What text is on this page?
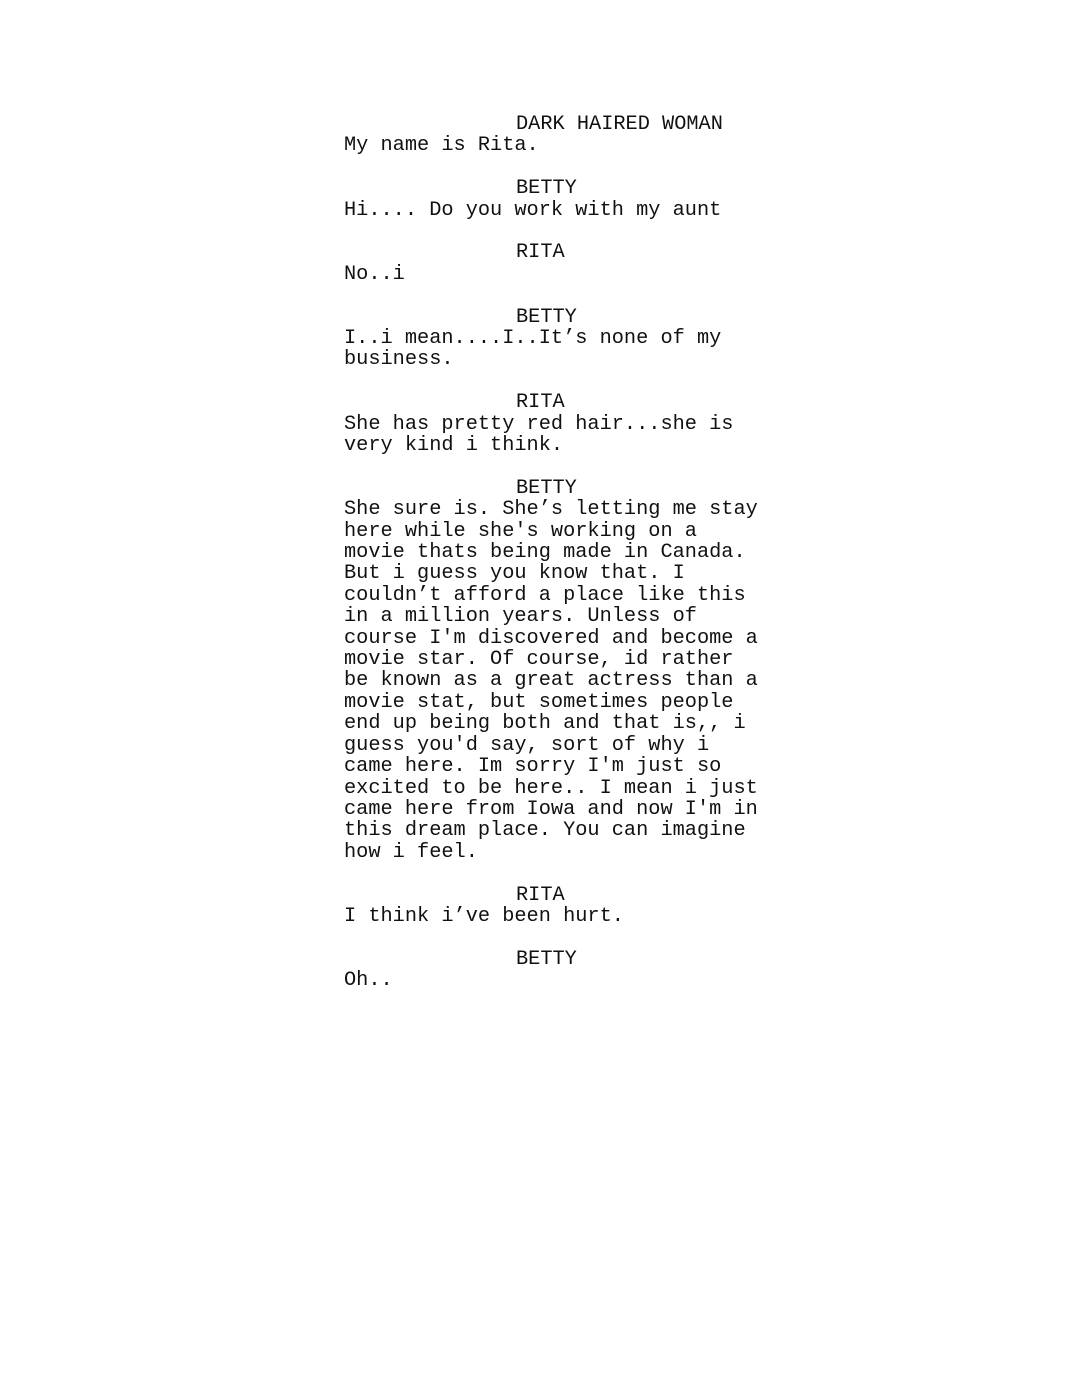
DARK HAIRED WOMAN
My name is Rita.
BETTY
Hi.... Do you work with my aunt
RITA
No..i
BETTY
I..i mean....I..It’s none of my
business.
RITA
She has pretty red hair...she is
very kind i think.
BETTY
She sure is. She’s letting me stay
here while she's working on a
movie thats being made in Canada.
But i guess you know that. I
couldn’t afford a place like this
in a million years. Unless of
course I'm discovered and become a
movie star. Of course, id rather
be known as a great actress than a
movie stat, but sometimes people
end up being both and that is,, i
guess you'd say, sort of why i
came here. Im sorry I'm just so
excited to be here.. I mean i just
came here from Iowa and now I'm in
this dream place. You can imagine
how i feel.
RITA
I think i’ve been hurt.
BETTY
Oh..
